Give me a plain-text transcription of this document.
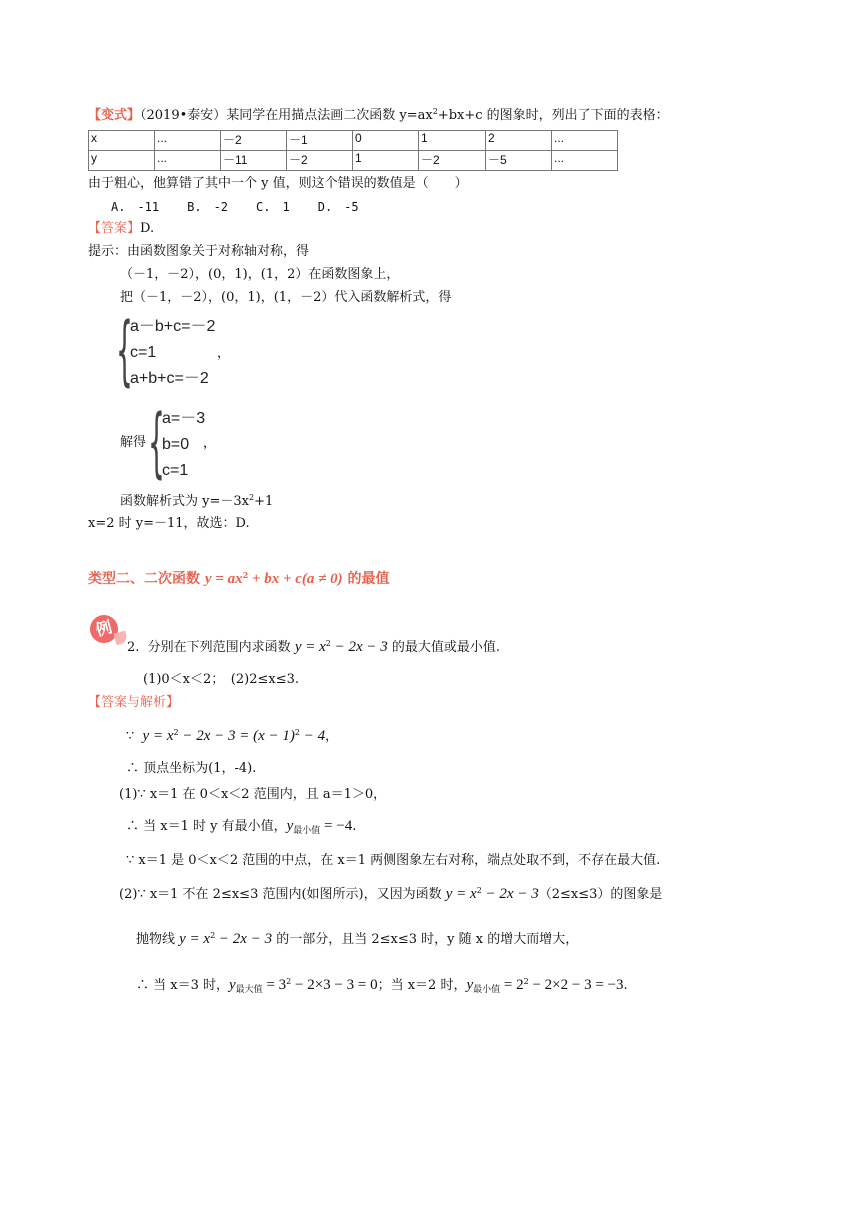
【变式】（2019•泰安）某同学在用描点法画二次函数 $y=ax^2+bx+c$ 的图象时，列出了下面的表格：
x	...	－2	－1	0	1	2	...
y	...	－11	－2	1	－2	－5	...
由于粗心，他算错了其中一个 y 值，则这个错误的数值是（　　）
A.　-11 B.　-2 C.　1 D.　-5
【答案】D.
提示：由函数图象关于对称轴对称，得
（－1，－2），(0，1)，(1，2）在函数图象上，
把（－1，－2），(0，1)，(1，－2）代入函数解析式，得
{
a－b+c=－2
c=1
a+b+c=－2
，
解得 {
a=－3
b=0
c=1
，
函数解析式为 $y=-3x^2+1$
x=2 时 y=－11，故选：D.
类型二、二次函数 $y = ax^2$ + bx + c(a ≠ 0) 的最值
例
2. 分别在下列范围内求函数 $y = x^2 - 2x - 3$ 的最大值或最小值.
(1)0＜x＜2；　(2)2≤x≤3.
【答案与解析】
∵  $y = x^2 - 2x - 3 = (x - 1)^2 - 4$，
∴ 顶点坐标为(1，-4).
(1)∵ x＝1 在 0＜x＜2 范围内，且 a＝1＞0，
∴ 当 x＝1 时 y 有最小值，$y_{最小值} = -4$.
∵ x＝1 是 0＜x＜2 范围的中点，在 x＝1 两侧图象左右对称，端点处取不到，不存在最大值.
(2)∵ x＝1 不在 2≤x≤3 范围内(如图所示)，又因为函数 $y = x^2 - 2x - 3(2\le x\le 3)$的图象是
抛物线 $y = x^2 - 2x - 3$ 的一部分，且当 2≤x≤3 时，y 随 x 的增大而增大，
∴ 当 x＝3 时，$y_{最大值} = 3^2 - 2\times 3 - 3 = 0$；当 x＝2 时，$y_{最小值} = 2^2 - 2\times 2 - 3 = -3$.
